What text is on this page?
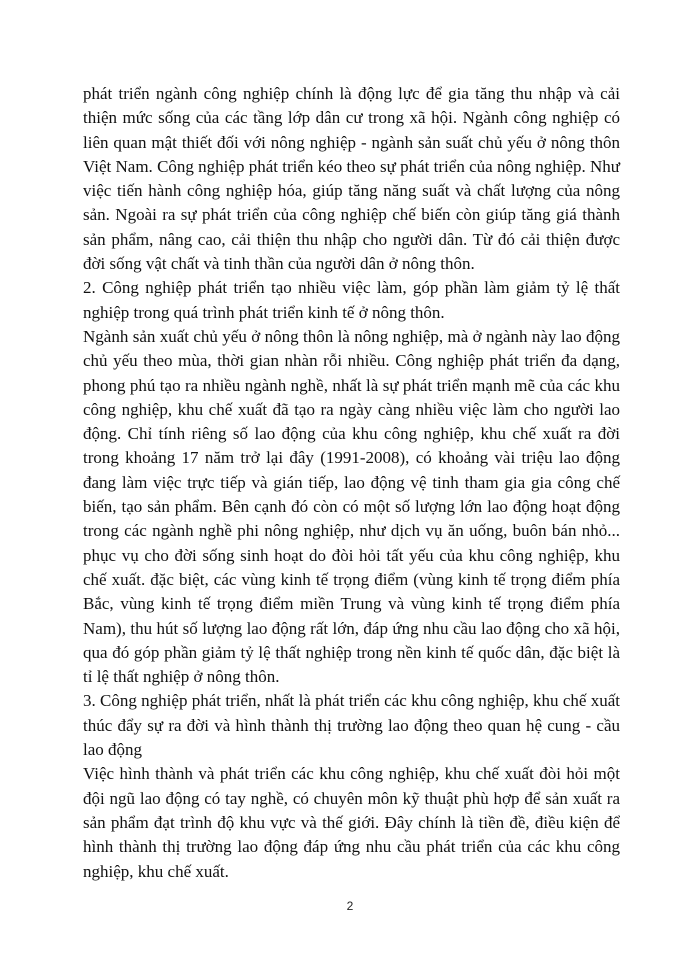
phát triển ngành công nghiệp chính là động lực để gia tăng thu nhập và cải thiện mức sống của các tầng lớp dân cư trong xã hội. Ngành công nghiệp có liên quan mật thiết đối với nông nghiệp - ngành sản suất chủ yếu ở nông thôn Việt Nam. Công nghiệp phát triển kéo theo sự phát triển của nông nghiệp. Như việc tiến hành công nghiệp hóa, giúp tăng năng suất và chất lượng của nông sản. Ngoài ra sự phát triển của công nghiệp chế biến còn giúp tăng giá thành sản phẩm, nâng cao, cải thiện thu nhập cho người dân. Từ đó cải thiện được đời sống vật chất và tinh thần của người dân ở nông thôn.

2. Công nghiệp phát triển tạo nhiều việc làm, góp phần làm giảm tỷ lệ thất nghiệp trong quá trình phát triển kinh tế ở nông thôn.

Ngành sản xuất chủ yếu ở nông thôn là nông nghiệp, mà ở ngành này lao động chủ yếu theo mùa, thời gian nhàn rỗi nhiều. Công nghiệp phát triển đa dạng, phong phú tạo ra nhiều ngành nghề, nhất là sự phát triển mạnh mẽ của các khu công nghiệp, khu chế xuất đã tạo ra ngày càng nhiều việc làm cho người lao động. Chỉ tính riêng số lao động của khu công nghiệp, khu chế xuất ra đời trong khoảng 17 năm trở lại đây (1991-2008), có khoảng vài triệu lao động đang làm việc trực tiếp và gián tiếp, lao động vệ tinh tham gia gia công chế biến, tạo sản phẩm. Bên cạnh đó còn có một số lượng lớn lao động hoạt động trong các ngành nghề phi nông nghiệp, như dịch vụ ăn uống, buôn bán nhỏ... phục vụ cho đời sống sinh hoạt do đòi hỏi tất yếu của khu công nghiệp, khu chế xuất. đặc biệt, các vùng kinh tế trọng điểm (vùng kinh tế trọng điểm phía Bắc, vùng kinh tế trọng điểm miền Trung và vùng kinh tế trọng điểm phía Nam), thu hút số lượng lao động rất lớn, đáp ứng nhu cầu lao động cho xã hội, qua đó góp phần giảm tỷ lệ thất nghiệp trong nền kinh tế quốc dân, đặc biệt là tỉ lệ thất nghiệp ở nông thôn.

3. Công nghiệp phát triển, nhất là phát triển các khu công nghiệp, khu chế xuất thúc đẩy sự ra đời và hình thành thị trường lao động theo quan hệ cung - cầu lao động

Việc hình thành và phát triển các khu công nghiệp, khu chế xuất đòi hỏi một đội ngũ lao động có tay nghề, có chuyên môn kỹ thuật phù hợp để sản xuất ra sản phẩm đạt trình độ khu vực và thế giới. Đây chính là tiền đề, điều kiện để hình thành thị trường lao động đáp ứng nhu cầu phát triển của các khu công nghiệp, khu chế xuất.

2
